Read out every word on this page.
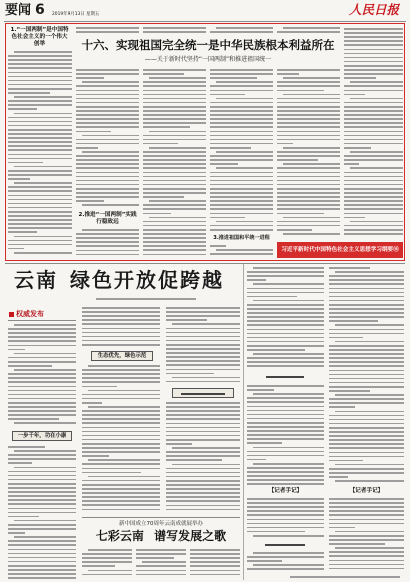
要闻 6 2019年9月13日 星期五	人民日报
1.“一国两制”是中国特色社会主义的一个伟大创举
2.推进“一国两制”实践行稳致远
3.推进祖国和平统一进程
十六、实现祖国完全统一是中华民族根本利益所在
——关于新时代坚持“一国两制”和推进祖国统一
习近平新时代中国特色社会主义思想学习纲要⑯
云南 绿色开放促跨越
权威发布
一步千年，功在小康
生态优先，绿色示范
新中国成立70周年云南成就展举办
七彩云南 谱写发展之歌
【记者手记】	【记者手记】
